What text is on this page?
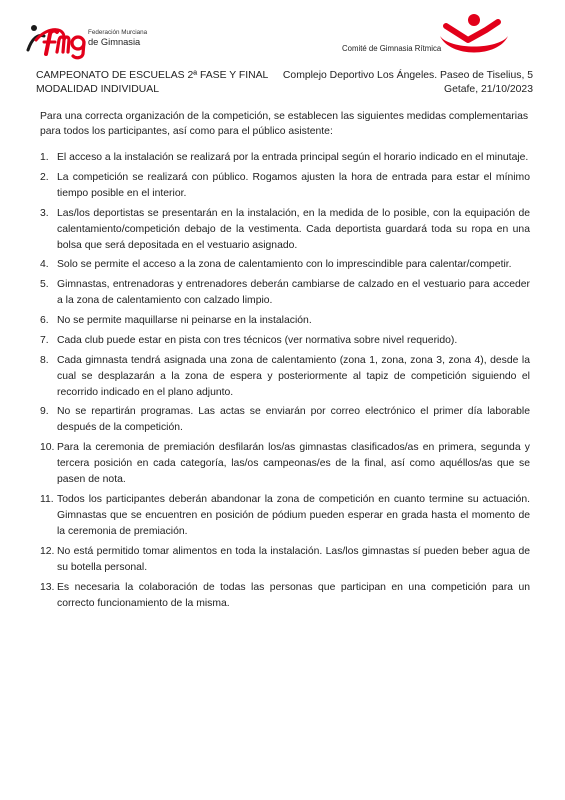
Federación Murciana
de Gimnasia
Comité de Gimnasia Rítmica
CAMPEONATO DE ESCUELAS 2ª FASE Y FINAL
MODALIDAD INDIVIDUAL
Complejo Deportivo Los Ángeles. Paseo de Tiselius, 5
Getafe, 21/10/2023

Para una correcta organización de la competición, se establecen las siguientes medidas complementarias para todos los participantes, así como para el público asistente:

1. El acceso a la instalación se realizará por la entrada principal según el horario indicado en el minutaje.
2. La competición se realizará con público. Rogamos ajusten la hora de entrada para estar el mínimo tiempo posible en el interior.
3. Las/los deportistas se presentarán en la instalación, en la medida de lo posible, con la equipación de calentamiento/competición debajo de la vestimenta. Cada deportista guardará toda su ropa en una bolsa que será depositada en el vestuario asignado.
4. Solo se permite el acceso a la zona de calentamiento con lo imprescindible para calentar/competir.
5. Gimnastas, entrenadoras y entrenadores deberán cambiarse de calzado en el vestuario para acceder a la zona de calentamiento con calzado limpio.
6. No se permite maquillarse ni peinarse en la instalación.
7. Cada club puede estar en pista con tres técnicos (ver normativa sobre nivel requerido).
8. Cada gimnasta tendrá asignada una zona de calentamiento (zona 1, zona, zona 3, zona 4), desde la cual se desplazarán a la zona de espera y posteriormente al tapiz de competición siguiendo el recorrido indicado en el plano adjunto.
9. No se repartirán programas. Las actas se enviarán por correo electrónico el primer día laborable después de la competición.
10. Para la ceremonia de premiación desfilarán los/as gimnastas clasificados/as en primera, segunda y tercera posición en cada categoría, las/os campeonas/es de la final, así como aquéllos/as que se pasen de nota.
11. Todos los participantes deberán abandonar la zona de competición en cuanto termine su actuación. Gimnastas que se encuentren en posición de pódium pueden esperar en grada hasta el momento de la ceremonia de premiación.
12. No está permitido tomar alimentos en toda la instalación. Las/los gimnastas sí pueden beber agua de su botella personal.
13. Es necesaria la colaboración de todas las personas que participan en una competición para un correcto funcionamiento de la misma.
